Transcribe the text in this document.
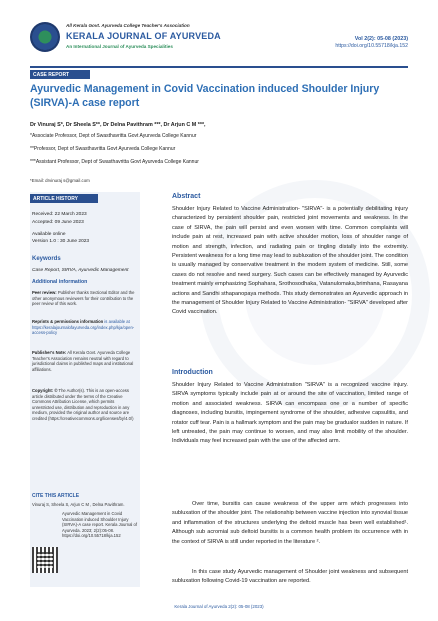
All Kerala Govt. Ayurveda College Teacher's Association
KERALA JOURNAL OF AYURVEDA
An International Journal of Ayurveda Specialities
Vol 2(2): 05-08 (2023)
https://doi.org/10.55718/kja.152
CASE REPORT
Ayurvedic Management in Covid Vaccination induced Shoulder Injury (SIRVA)-A case report
Dr Vinuraj S*, Dr Sheela S**, Dr Delna Pavithram ***, Dr Arjun C M ***,
*Associate Professor, Dept of Swasthavritta Govt Ayurveda College Kannur
**Professor, Dept of Swasthavritta Govt Ayurveda College Kannur
***Assistant Professor, Dept of Swasthavritta Govt Ayurveda College Kannur
*Email: drvinuraj s@gmail.com
ARTICLE HISTORY
Received: 22 March 2023
Accepted: 09 June 2023
Available online
Version 1.0 : 30 June 2023
Keywords
Case Report, SIRVA, Ayurvedic Management
Additional information
Peer review: Publisher thanks Sectional Editor and the other anonymous reviewers for their contribution to the peer review of this work.
Reprints & permissions information is available at https://keralajournalofayurveda.org/index.php/kja/open-access-policy
Publisher's Note: All Kerala Govt. Ayurveda College Teacher's Association remains neutral with regard to jurisdictional claims in published maps and institutional affiliations.
Copyright: © The Author(s). This is an open-access article distributed under the terms of the Creative Commons Attribution License, which permits unrestricted use, distribution and reproduction in any medium, provided the original author and source are credited (https://creativecommons.org/licenses/by/4.0/)
CITE THIS ARTICLE
Vinuraj S, Sheela S, Arjun C M , Delna Pavithram.
Ayurvedic Management in Covid Vaccination induced Shoulder Injury (SIRVA)-A case report. Kerala Journal of Ayurveda. 2023; 2(2):05-08. https://doi.org/10.55718/kja.152
Abstract
Shoulder Injury Related to Vaccine Administration- "SIRVA"- is a potentially debilitating injury characterized by persistent shoulder pain, restricted joint movements and weakness. In the case of SIRVA, the pain will persist and even worsen with time. Common complaints will include pain at rest, increased pain with active shoulder motion, loss of shoulder range of motion and strength, infection, and radiating pain or tingling distally into the extremity. Persistent weakness for a long time may lead to subluxation of the shoulder joint. The condition is usually managed by conservative treatment in the modern system of medicine. Still, some cases do not resolve and need surgery. Such cases can be effectively managed by Ayurvedic treatment mainly emphasizing Sophahara, Srothosodhaka, Vatanulomaka,brimhana, Rasayana actions and Sandhi sthapanopaya methods. This study demonstrates an Ayurvedic approach in the management of Shoulder Injury Related to Vaccine Administration- "SIRVA" developed after Covid vaccination.
Introduction
Shoulder Injury Related to Vaccine Administration "SIRVA" is a recognized vaccine injury. SIRVA symptoms typically include pain at or around the site of vaccination, limited range of motion and associated weakness. SIRVA can encompass one or a number of specific diagnoses, including bursitis, impingement syndrome of the shoulder, adhesive capsulitis, and rotator cuff tear. Pain is a hallmark symptom and the pain may be gradualor sudden in nature. If left untreated, the pain may continue to worsen, and may also limit mobility of the shoulder. Individuals may feel increased pain with the use of the affected arm.
Over time, bursitis can cause weakness of the upper arm which progresses into subluxation of the shoulder joint. The relationship between vaccine injection into synovial tissue and inflammation of the structures underlying the deltoid muscle has been well established¹. Although sub acromial sub deltoid bursitis is a common health problem its occurrence with in the context of SIRVA is still under reported in the literature ².
In this case study Ayurvedic management of Shoulder joint weakness and subsequent subluxation following Covid-19 vaccination are reported.
Kerala Journal of Ayurveda 2(2): 05-08 (2023)
